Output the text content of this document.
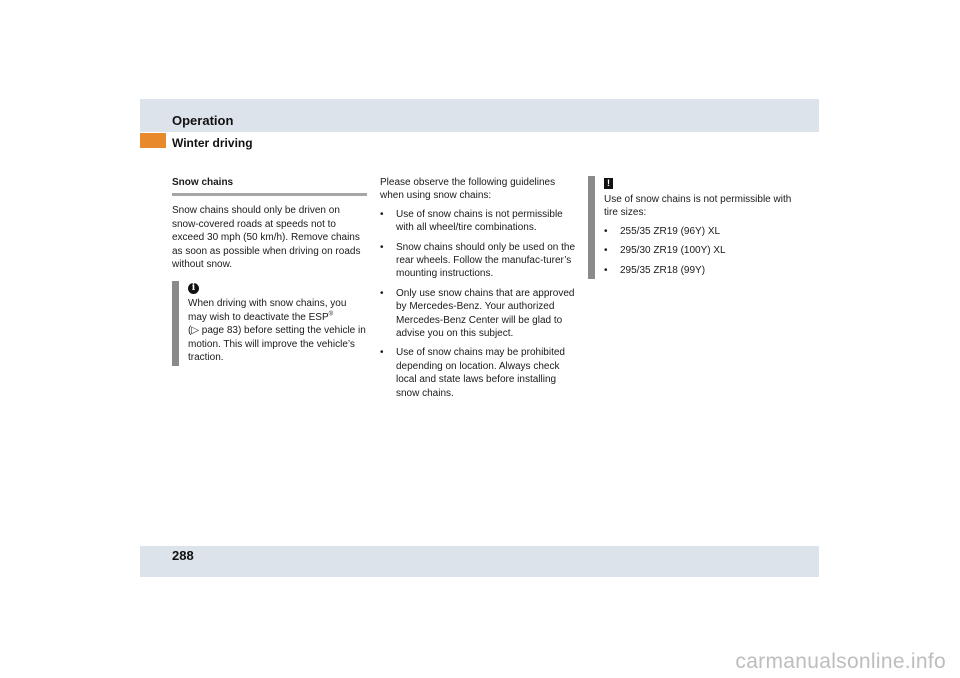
Operation
Winter driving

Snow chains

Snow chains should only be driven on snow-covered roads at speeds not to exceed 30 mph (50 km/h). Remove chains as soon as possible when driving on roads without snow.

i

When driving with snow chains, you may wish to deactivate the ESP®
(▷ page 83) before setting the vehicle in motion. This will improve the vehicle’s traction.

Please observe the following guidelines when using snow chains:

• Use of snow chains is not permissible with all wheel/tire combinations.
• Snow chains should only be used on the rear wheels. Follow the manufac-turer’s mounting instructions.
• Only use snow chains that are approved by Mercedes-Benz. Your authorized Mercedes-Benz Center will be glad to advise you on this subject.
• Use of snow chains may be prohibited depending on location. Always check local and state laws before installing snow chains.
!

Use of snow chains is not permissible with tire sizes:

• 255/35 ZR19 (96Y) XL
• 295/30 ZR19 (100Y) XL
• 295/35 ZR18 (99Y)
288
carmanualsonline.info
